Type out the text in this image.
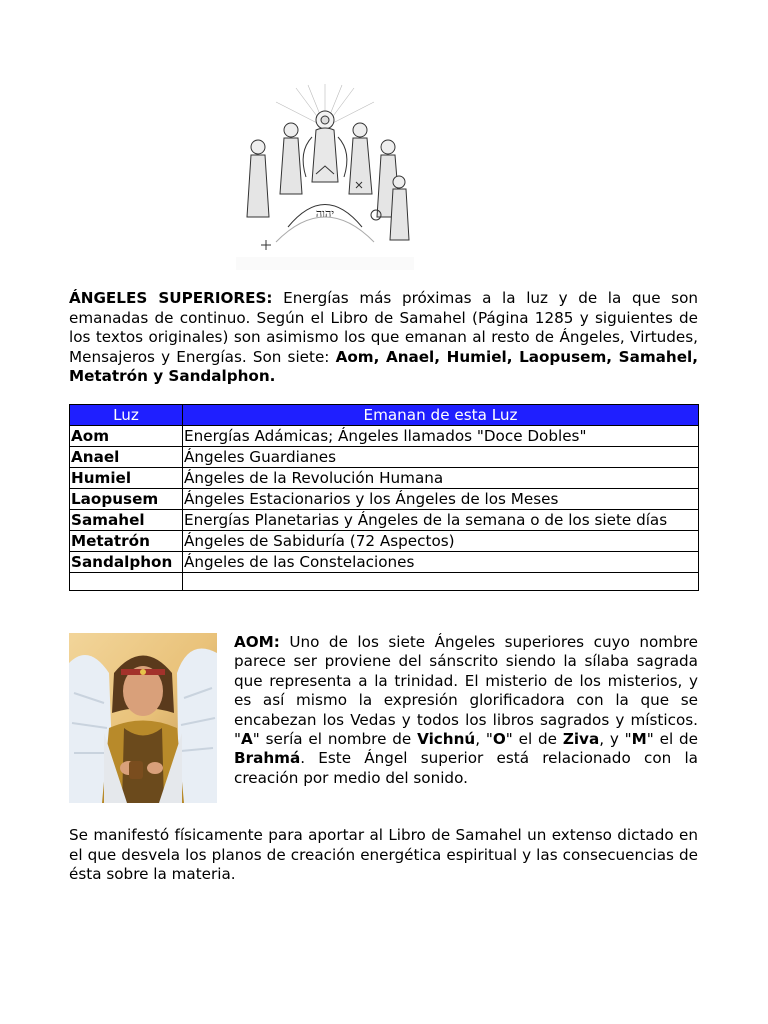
יהוה

ÁNGELES SUPERIORES: Energías más próximas a la luz y de la que son emanadas de continuo. Según el Libro de Samahel (Página 1285 y siguientes de los textos originales) son asimismo los que emanan al resto de Ángeles, Virtudes, Mensajeros y Energías. Son siete: Aom, Anael, Humiel, Laopusem, Samahel, Metatrón y Sandalphon.

Luz	Emanan de esta Luz
Aom	Energías Adámicas; Ángeles llamados "Doce Dobles"
Anael	Ángeles Guardianes
Humiel	Ángeles de la Revolución Humana
Laopusem	Ángeles Estacionarios y los Ángeles de los Meses
Samahel	Energías Planetarias y Ángeles de la semana o de los siete días
Metatrón	Ángeles de Sabiduría (72 Aspectos)
Sandalphon	Ángeles de las Constelaciones

AOM: Uno de los siete Ángeles superiores cuyo nombre parece ser proviene del sánscrito siendo la sílaba sagrada que representa a la trinidad. El misterio de los misterios, y es así mismo la expresión glorificadora con la que se encabezan los Vedas y todos los libros sagrados y místicos. "A" sería el nombre de Vichnú, "O" el de Ziva, y "M" el de Brahmá. Este Ángel superior está relacionado con la creación por medio del sonido.

Se manifestó físicamente para aportar al Libro de Samahel un extenso dictado en el que desvela los planos de creación energética espiritual y las consecuencias de ésta sobre la materia.
